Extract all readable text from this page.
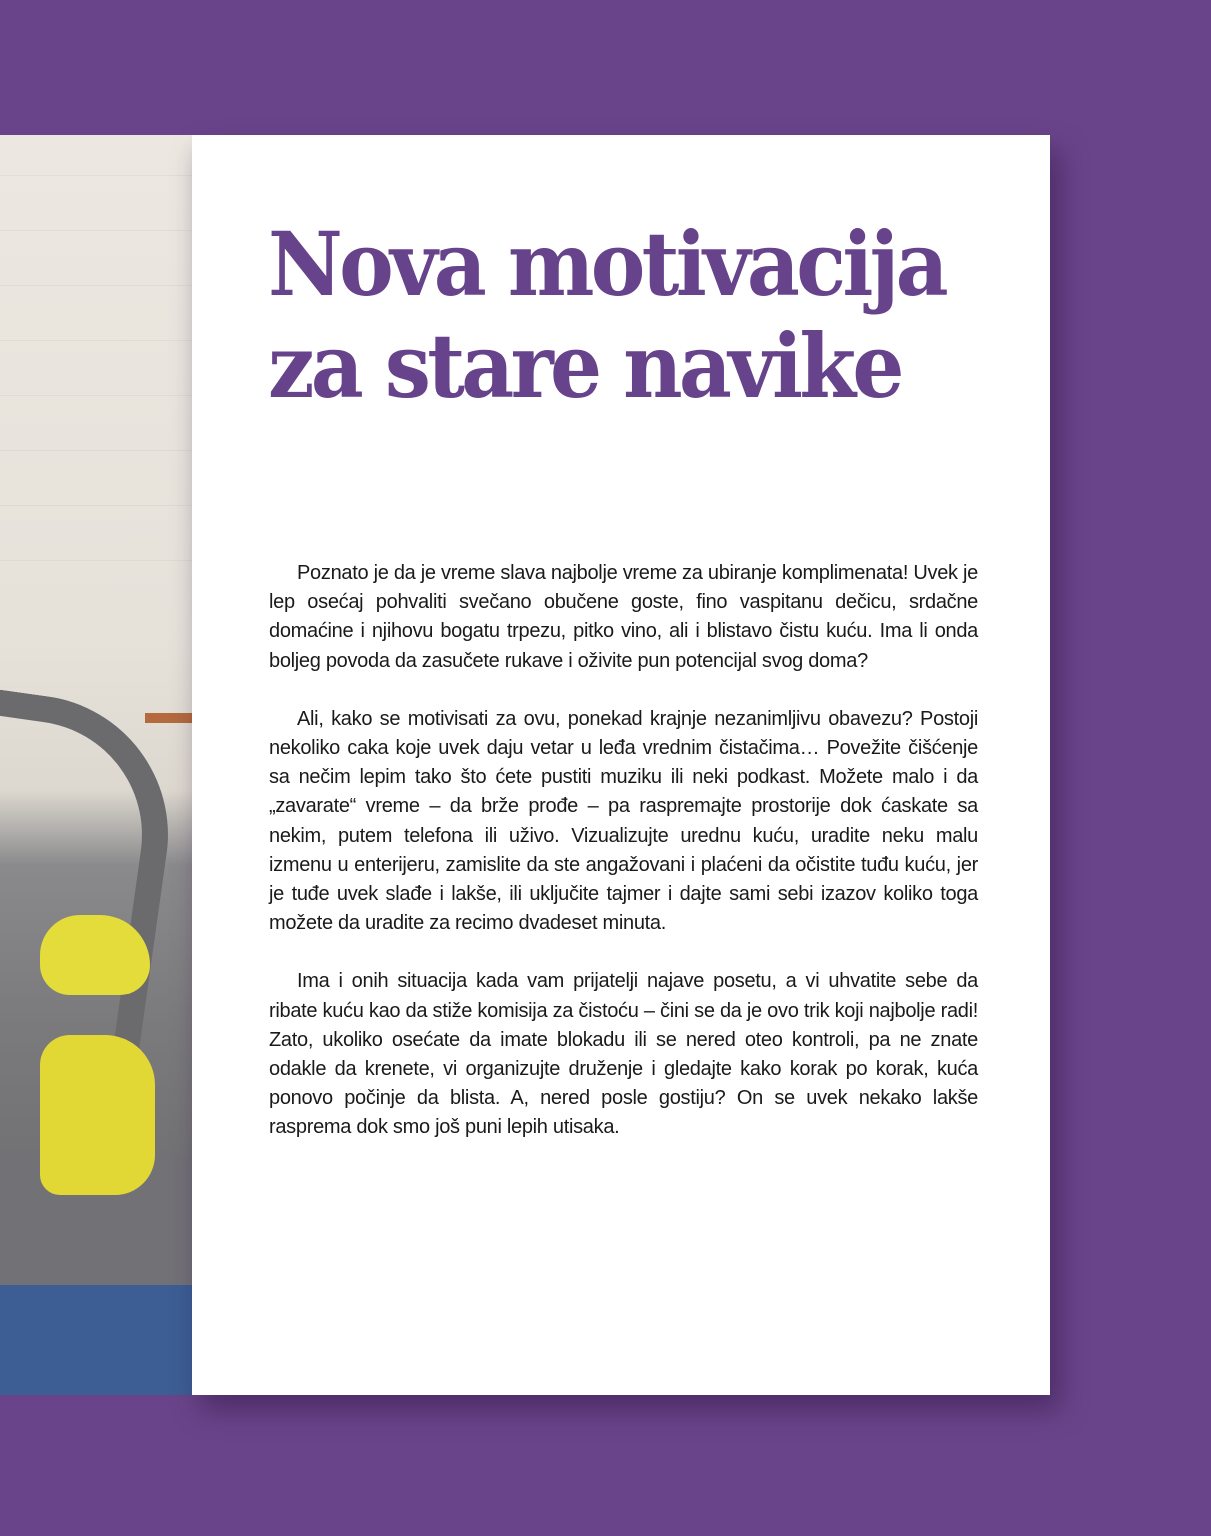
Nova motivacija
za stare navike

Poznato je da je vreme slava najbolje vreme za ubiranje komplimenata! Uvek je lep osećaj pohvaliti svečano obučene goste, fino vaspitanu dečicu, srdačne domaćine i njihovu bogatu trpezu, pitko vino, ali i blistavo čistu kuću. Ima li onda boljeg povoda da zasučete rukave i oživite pun potencijal svog doma?

Ali, kako se motivisati za ovu, ponekad krajnje nezanimljivu obavezu? Postoji nekoliko caka koje uvek daju vetar u leđa vrednim čistačima… Povežite čišćenje sa nečim lepim tako što ćete pustiti muziku ili neki podkast. Možete malo i da „zavarate“ vreme – da brže prođe – pa raspremajte prostorije dok ćaskate sa nekim, putem telefona ili uživo. Vizualizujte urednu kuću, uradite neku malu izmenu u enterijeru, zamislite da ste angažovani i plaćeni da očistite tuđu kuću, jer je tuđe uvek slađe i lakše, ili uključite tajmer i dajte sami sebi izazov koliko toga možete da uradite za recimo dvadeset minuta.

Ima i onih situacija kada vam prijatelji najave posetu, a vi uhvatite sebe da ribate kuću kao da stiže komisija za čistoću – čini se da je ovo trik koji najbolje radi! Zato, ukoliko osećate da imate blokadu ili se nered oteo kontroli, pa ne znate odakle da krenete, vi organizujte druženje i gledajte kako korak po korak, kuća ponovo počinje da blista. A, nered posle gostiju? On se uvek nekako lakše raspremа dok smo još puni lepih utisaka.
